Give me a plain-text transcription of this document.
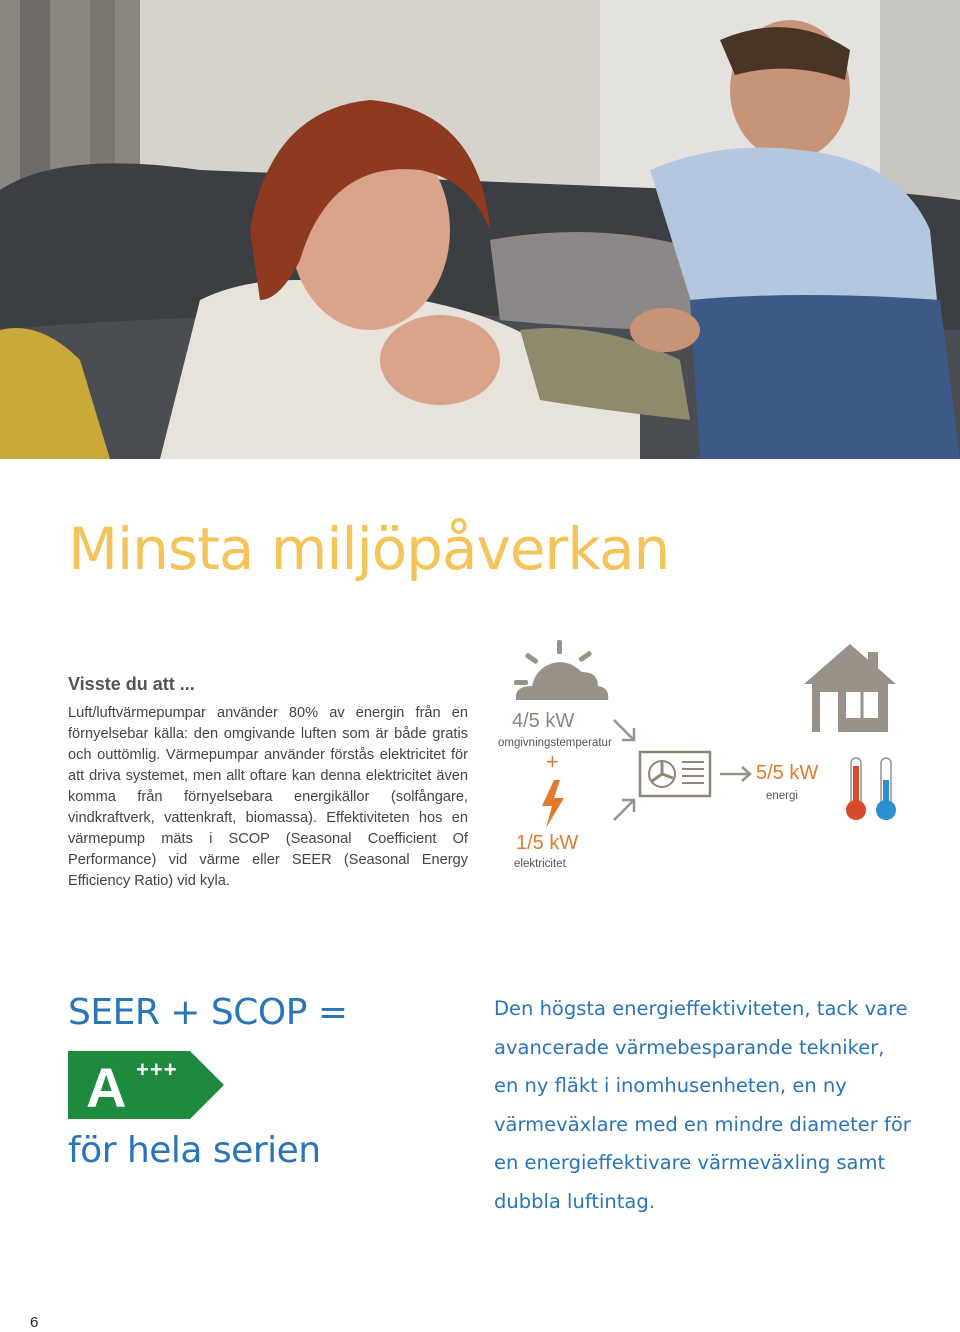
Minsta miljöpåverkan
Visste du att ...

Luft/luftvärmepumpar använder 80% av energin från en förnyelsebar källa: den omgivande luften som är både gratis och outtömlig. Värmepumpar använder förstås elektricitet för att driva systemet, men allt oftare kan denna elektricitet även komma från förnyelsebara energikällor (solfångare, vindkraftverk, vattenkraft, biomassa). Effektiviteten hos en värmepump mäts i SCOP (Seasonal Coefficient Of Performance) vid värme eller SEER (Seasonal Energy Efficiency Ratio) vid kyla.

4/5 kW
omgivningstemperatur
+
1/5 kW
elektricitet
5/5 kW
energi
SEER + SCOP =
A +++
för hela serien
Den högsta energieffektiviteten, tack vare avancerade värmebesparande tekniker, en ny fläkt i inomhusenheten, en ny värmeväxlare med en mindre diameter för en energieffektivare värmeväxling samt dubbla luftintag.
6
